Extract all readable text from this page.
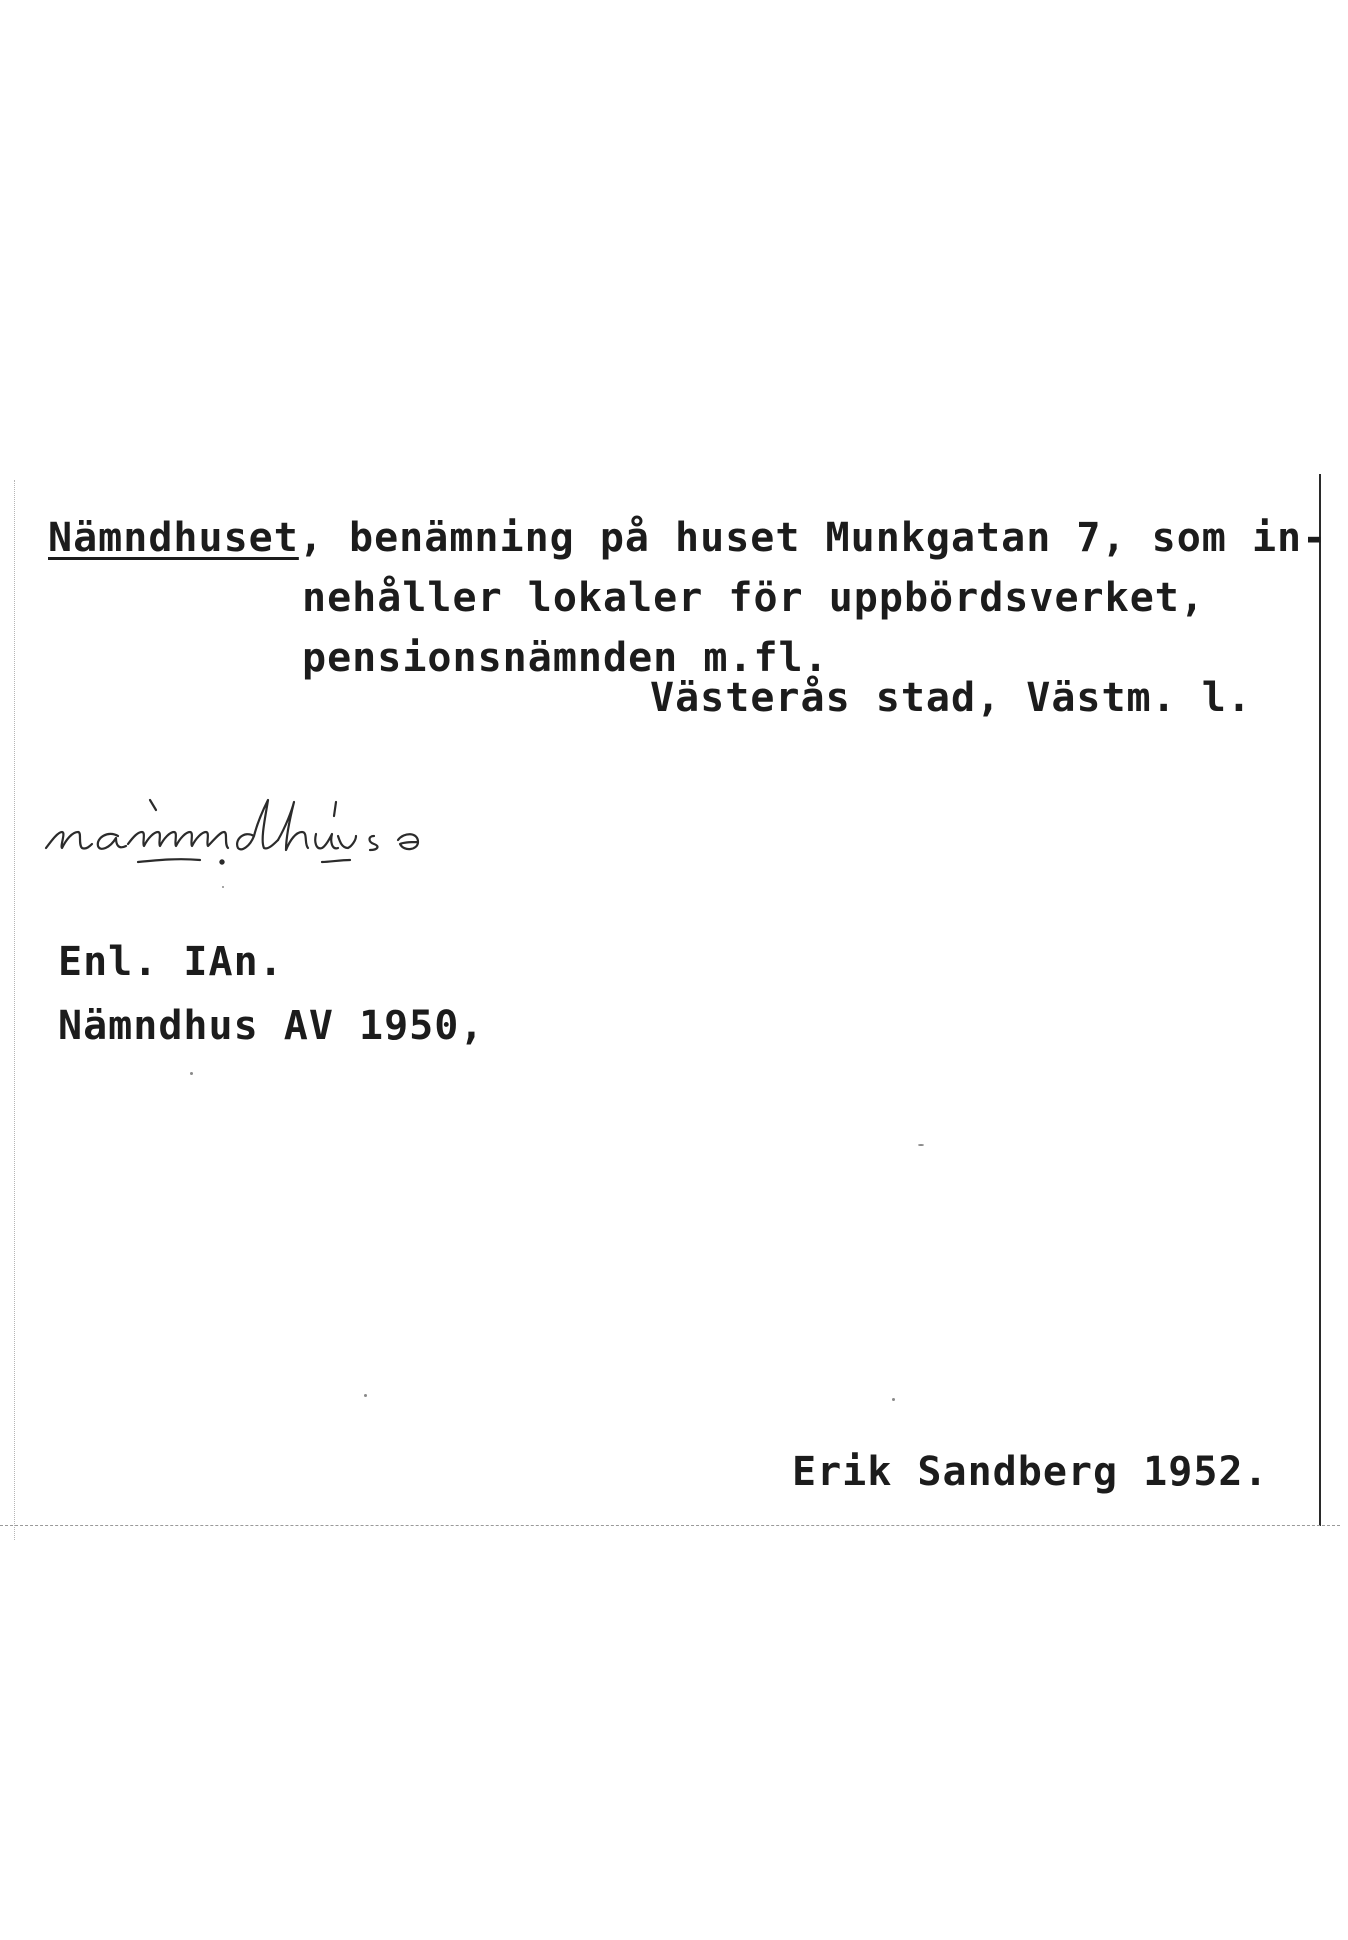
Nämndhuset, benämning på huset Munkgatan 7, som in-
nehåller lokaler för uppbördsverket,
pensionsnämnden m.fl.
Västerås stad, Västm. l.
Enl. IAn.
Nämndhus AV 1950,
Erik Sandberg 1952.
